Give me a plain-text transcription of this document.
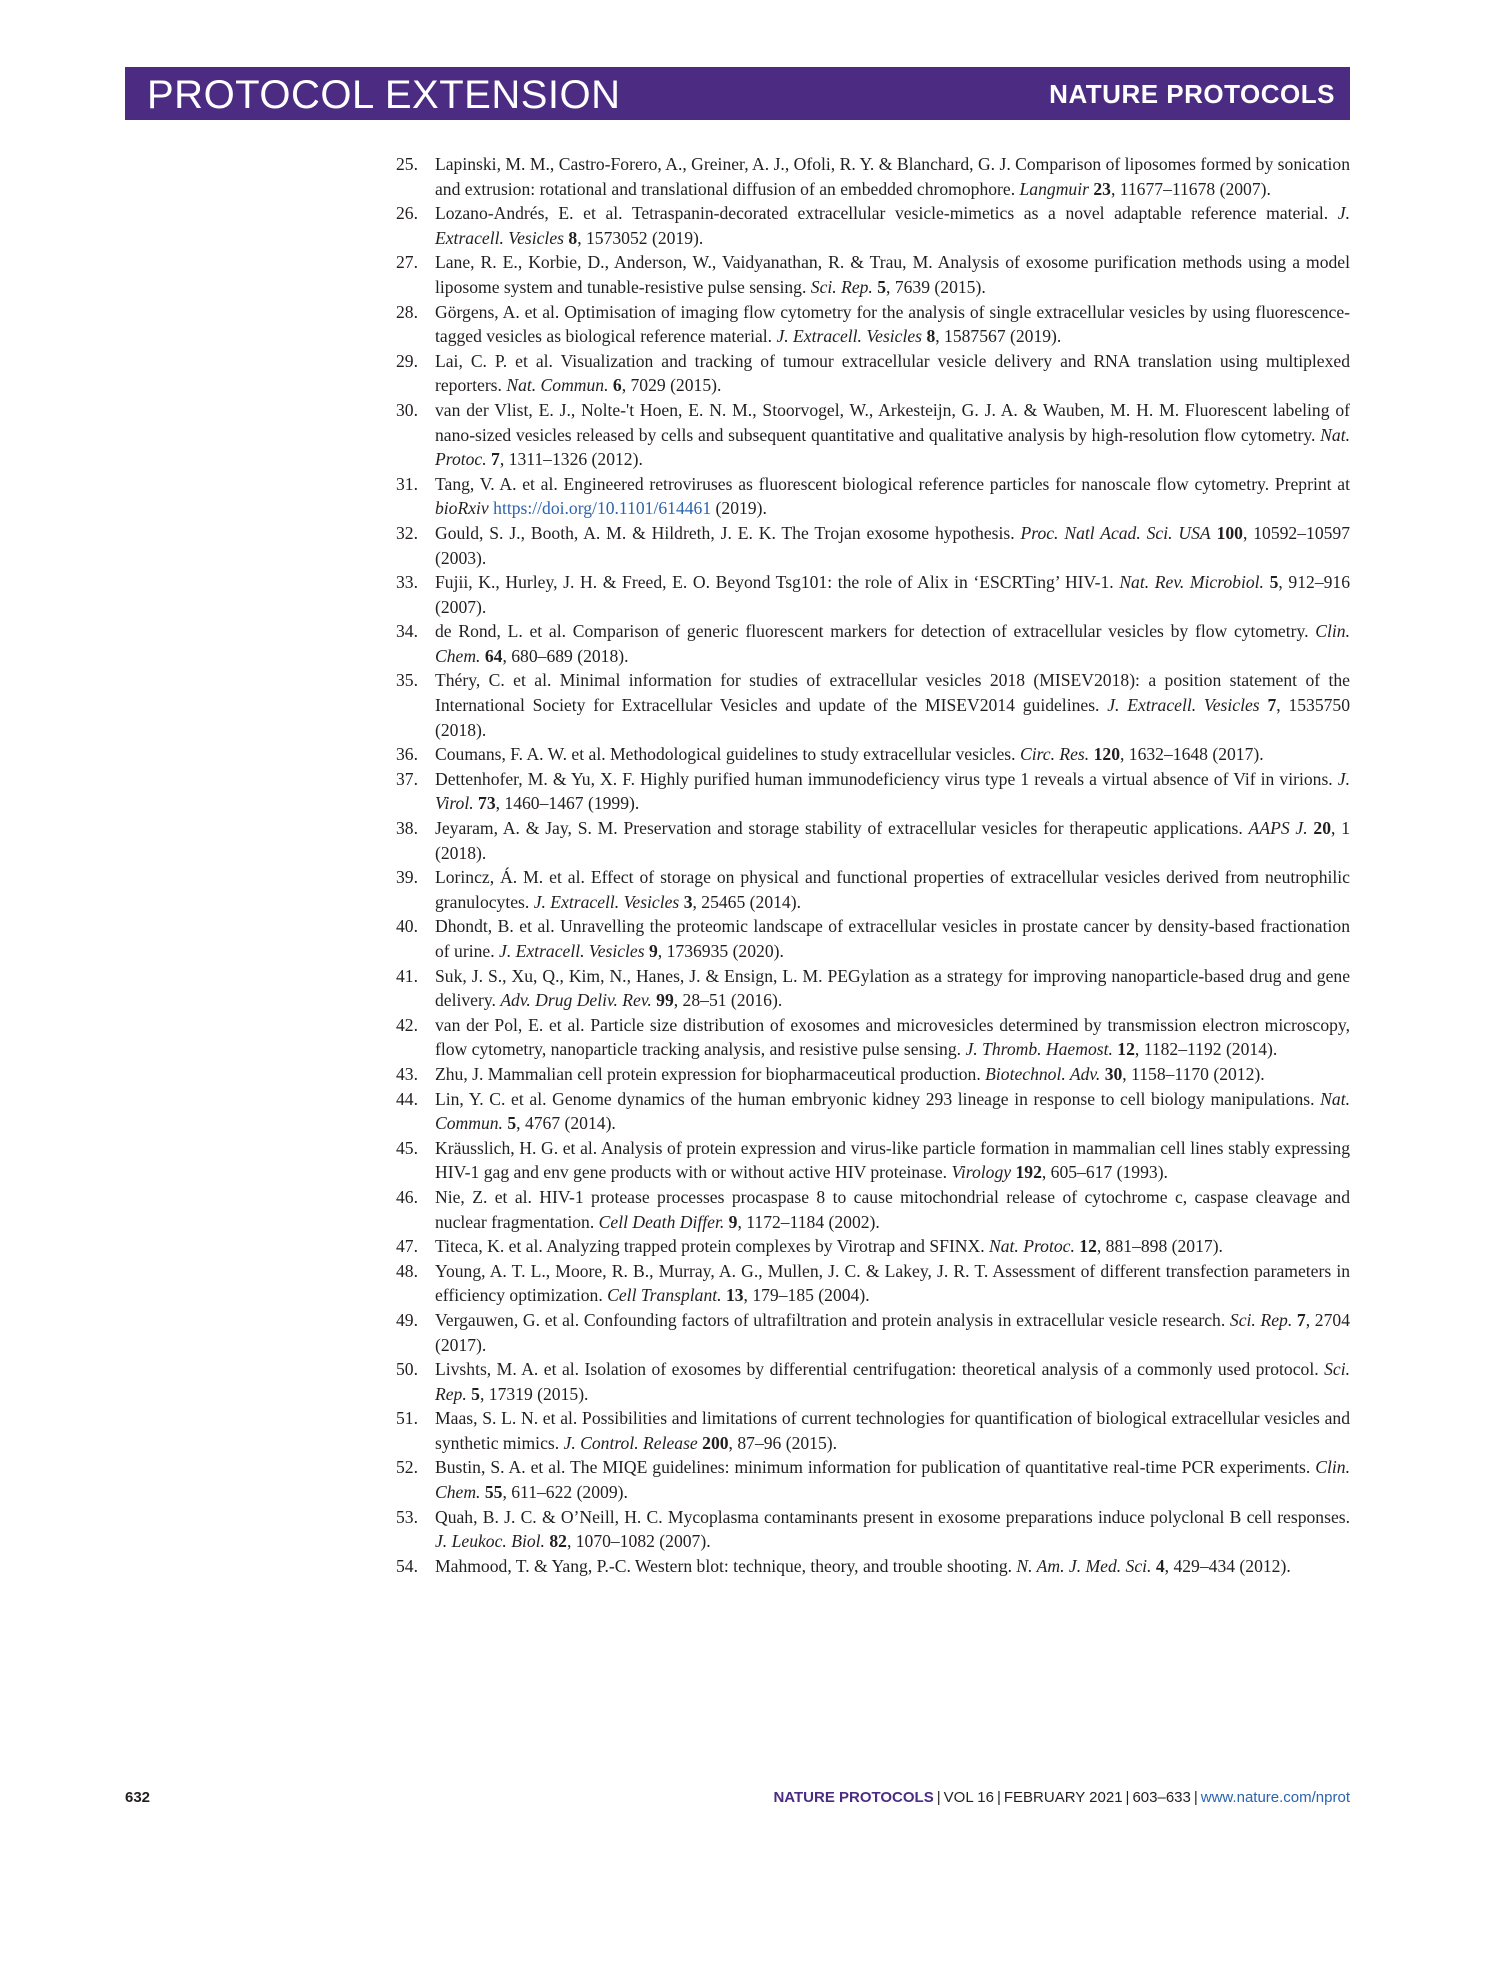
PROTOCOL EXTENSION	NATURE PROTOCOLS
25. Lapinski, M. M., Castro-Forero, A., Greiner, A. J., Ofoli, R. Y. & Blanchard, G. J. Comparison of liposomes formed by sonication and extrusion: rotational and translational diffusion of an embedded chromophore. Langmuir 23, 11677–11678 (2007).
26. Lozano-Andrés, E. et al. Tetraspanin-decorated extracellular vesicle-mimetics as a novel adaptable reference material. J. Extracell. Vesicles 8, 1573052 (2019).
27. Lane, R. E., Korbie, D., Anderson, W., Vaidyanathan, R. & Trau, M. Analysis of exosome purification methods using a model liposome system and tunable-resistive pulse sensing. Sci. Rep. 5, 7639 (2015).
28. Görgens, A. et al. Optimisation of imaging flow cytometry for the analysis of single extracellular vesicles by using fluorescence-tagged vesicles as biological reference material. J. Extracell. Vesicles 8, 1587567 (2019).
29. Lai, C. P. et al. Visualization and tracking of tumour extracellular vesicle delivery and RNA translation using multiplexed reporters. Nat. Commun. 6, 7029 (2015).
30. van der Vlist, E. J., Nolte-'t Hoen, E. N. M., Stoorvogel, W., Arkesteijn, G. J. A. & Wauben, M. H. M. Fluorescent labeling of nano-sized vesicles released by cells and subsequent quantitative and qualitative analysis by high-resolution flow cytometry. Nat. Protoc. 7, 1311–1326 (2012).
31. Tang, V. A. et al. Engineered retroviruses as fluorescent biological reference particles for nanoscale flow cytometry. Preprint at bioRxiv https://doi.org/10.1101/614461 (2019).
32. Gould, S. J., Booth, A. M. & Hildreth, J. E. K. The Trojan exosome hypothesis. Proc. Natl Acad. Sci. USA 100, 10592–10597 (2003).
33. Fujii, K., Hurley, J. H. & Freed, E. O. Beyond Tsg101: the role of Alix in ‘ESCRTing’ HIV-1. Nat. Rev. Microbiol. 5, 912–916 (2007).
34. de Rond, L. et al. Comparison of generic fluorescent markers for detection of extracellular vesicles by flow cytometry. Clin. Chem. 64, 680–689 (2018).
35. Théry, C. et al. Minimal information for studies of extracellular vesicles 2018 (MISEV2018): a position statement of the International Society for Extracellular Vesicles and update of the MISEV2014 guidelines. J. Extracell. Vesicles 7, 1535750 (2018).
36. Coumans, F. A. W. et al. Methodological guidelines to study extracellular vesicles. Circ. Res. 120, 1632–1648 (2017).
37. Dettenhofer, M. & Yu, X. F. Highly purified human immunodeficiency virus type 1 reveals a virtual absence of Vif in virions. J. Virol. 73, 1460–1467 (1999).
38. Jeyaram, A. & Jay, S. M. Preservation and storage stability of extracellular vesicles for therapeutic applications. AAPS J. 20, 1 (2018).
39. Lorincz, Á. M. et al. Effect of storage on physical and functional properties of extracellular vesicles derived from neutrophilic granulocytes. J. Extracell. Vesicles 3, 25465 (2014).
40. Dhondt, B. et al. Unravelling the proteomic landscape of extracellular vesicles in prostate cancer by density-based fractionation of urine. J. Extracell. Vesicles 9, 1736935 (2020).
41. Suk, J. S., Xu, Q., Kim, N., Hanes, J. & Ensign, L. M. PEGylation as a strategy for improving nanoparticle-based drug and gene delivery. Adv. Drug Deliv. Rev. 99, 28–51 (2016).
42. van der Pol, E. et al. Particle size distribution of exosomes and microvesicles determined by transmission electron microscopy, flow cytometry, nanoparticle tracking analysis, and resistive pulse sensing. J. Thromb. Haemost. 12, 1182–1192 (2014).
43. Zhu, J. Mammalian cell protein expression for biopharmaceutical production. Biotechnol. Adv. 30, 1158–1170 (2012).
44. Lin, Y. C. et al. Genome dynamics of the human embryonic kidney 293 lineage in response to cell biology manipulations. Nat. Commun. 5, 4767 (2014).
45. Kräusslich, H. G. et al. Analysis of protein expression and virus-like particle formation in mammalian cell lines stably expressing HIV-1 gag and env gene products with or without active HIV proteinase. Virology 192, 605–617 (1993).
46. Nie, Z. et al. HIV-1 protease processes procaspase 8 to cause mitochondrial release of cytochrome c, caspase cleavage and nuclear fragmentation. Cell Death Differ. 9, 1172–1184 (2002).
47. Titeca, K. et al. Analyzing trapped protein complexes by Virotrap and SFINX. Nat. Protoc. 12, 881–898 (2017).
48. Young, A. T. L., Moore, R. B., Murray, A. G., Mullen, J. C. & Lakey, J. R. T. Assessment of different transfection parameters in efficiency optimization. Cell Transplant. 13, 179–185 (2004).
49. Vergauwen, G. et al. Confounding factors of ultrafiltration and protein analysis in extracellular vesicle research. Sci. Rep. 7, 2704 (2017).
50. Livshts, M. A. et al. Isolation of exosomes by differential centrifugation: theoretical analysis of a commonly used protocol. Sci. Rep. 5, 17319 (2015).
51. Maas, S. L. N. et al. Possibilities and limitations of current technologies for quantification of biological extracellular vesicles and synthetic mimics. J. Control. Release 200, 87–96 (2015).
52. Bustin, S. A. et al. The MIQE guidelines: minimum information for publication of quantitative real-time PCR experiments. Clin. Chem. 55, 611–622 (2009).
53. Quah, B. J. C. & O’Neill, H. C. Mycoplasma contaminants present in exosome preparations induce polyclonal B cell responses. J. Leukoc. Biol. 82, 1070–1082 (2007).
54. Mahmood, T. & Yang, P.-C. Western blot: technique, theory, and trouble shooting. N. Am. J. Med. Sci. 4, 429–434 (2012).
632	NATURE PROTOCOLS | VOL 16 | FEBRUARY 2021 | 603–633 | www.nature.com/nprot
